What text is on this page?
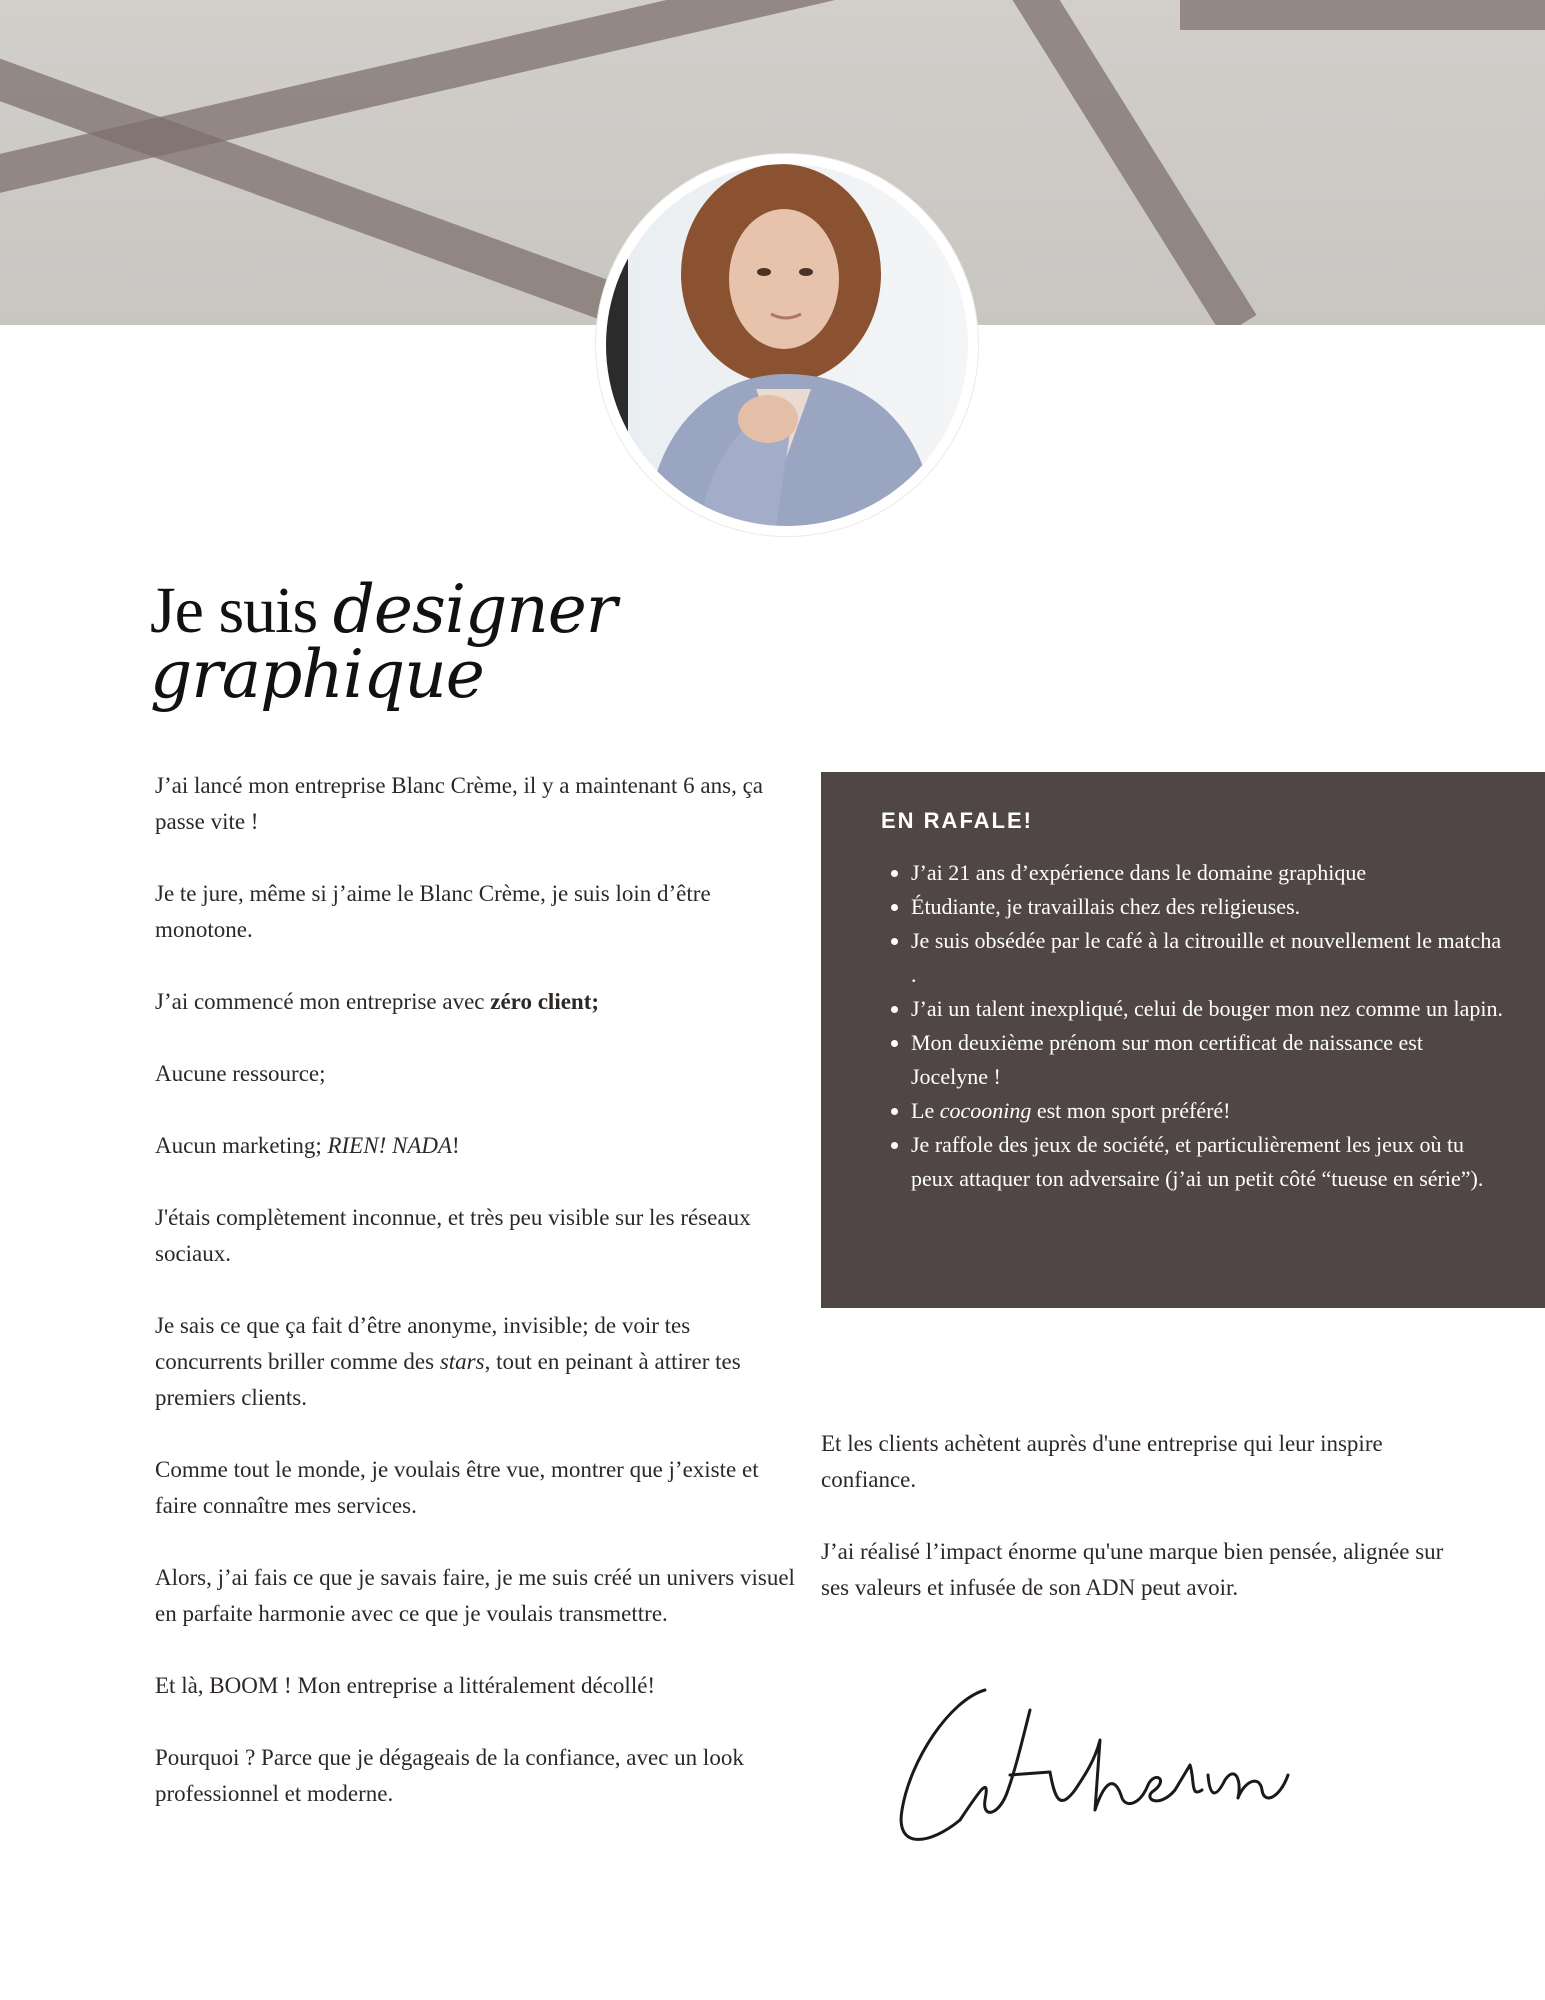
Je suis designer
graphique

J’ai lancé mon entreprise Blanc Crème, il y a maintenant 6 ans, ça passe vite !

Je te jure, même si j’aime le Blanc Crème, je suis loin d’être monotone.

J’ai commencé mon entreprise avec zéro client;

Aucune ressource;

Aucun marketing; RIEN! NADA!

J'étais complètement inconnue, et très peu visible sur les réseaux sociaux.

Je sais ce que ça fait d’être anonyme, invisible; de voir tes concurrents briller comme des stars, tout en peinant à attirer tes premiers clients.

Comme tout le monde, je voulais être vue, montrer que j’existe et faire connaître mes services.

Alors, j’ai fais ce que je savais faire, je me suis créé un univers visuel en parfaite harmonie avec ce que je voulais transmettre.

Et là, BOOM ! Mon entreprise a littéralement décollé!

Pourquoi ? Parce que je dégageais de la confiance, avec un look professionnel et moderne.

EN RAFALE!
• J’ai 21 ans d’expérience dans le domaine graphique
• Étudiante, je travaillais chez des religieuses.
• Je suis obsédée par le café à la citrouille et nouvellement le matcha .
• J’ai un talent inexpliqué, celui de bouger mon nez comme un lapin.
• Mon deuxième prénom sur mon certificat de naissance est Jocelyne !
• Le cocooning est mon sport préféré!
• Je raffole des jeux de société, et particulièrement les jeux où tu peux attaquer ton adversaire (j’ai un petit côté “tueuse en série”).

Et les clients achètent auprès d'une entreprise qui leur inspire confiance.

J’ai réalisé l’impact énorme qu'une marque bien pensée, alignée sur ses valeurs et infusée de son ADN peut avoir.

Catherine
